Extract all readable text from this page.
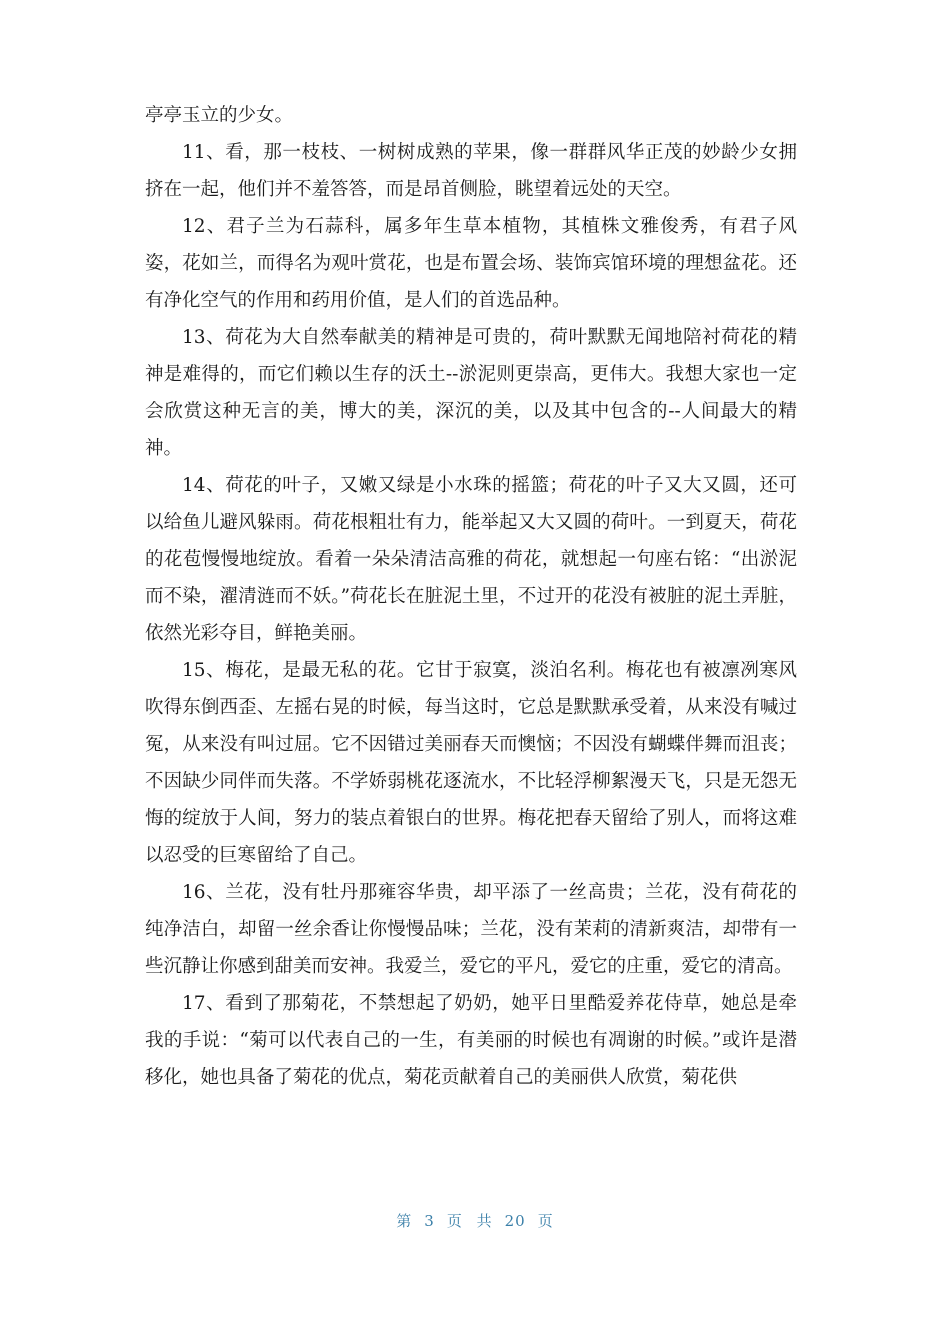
亭亭玉立的少女。

11、看，那一枝枝、一树树成熟的苹果，像一群群风华正茂的妙龄少女拥挤在一起，他们并不羞答答，而是昂首侧脸，眺望着远处的天空。

12、君子兰为石蒜科，属多年生草本植物，其植株文雅俊秀，有君子风姿，花如兰，而得名为观叶赏花，也是布置会场、装饰宾馆环境的理想盆花。还有净化空气的作用和药用价值，是人们的首选品种。

13、荷花为大自然奉献美的精神是可贵的，荷叶默默无闻地陪衬荷花的精神是难得的，而它们赖以生存的沃土--淤泥则更崇高，更伟大。我想大家也一定会欣赏这种无言的美，博大的美，深沉的美，以及其中包含的--人间最大的精神。

14、荷花的叶子，又嫩又绿是小水珠的摇篮；荷花的叶子又大又圆，还可以给鱼儿避风躲雨。荷花根粗壮有力，能举起又大又圆的荷叶。一到夏天，荷花的花苞慢慢地绽放。看着一朵朵清洁高雅的荷花，就想起一句座右铭：“出淤泥而不染，濯清涟而不妖。”荷花长在脏泥土里，不过开的花没有被脏的泥土弄脏，依然光彩夺目，鲜艳美丽。

15、梅花，是最无私的花。它甘于寂寞，淡泊名利。梅花也有被凛冽寒风吹得东倒西歪、左摇右晃的时候，每当这时，它总是默默承受着，从来没有喊过冤，从来没有叫过屈。它不因错过美丽春天而懊恼；不因没有蝴蝶伴舞而沮丧；不因缺少同伴而失落。不学娇弱桃花逐流水，不比轻浮柳絮漫天飞，只是无怨无悔的绽放于人间，努力的装点着银白的世界。梅花把春天留给了别人，而将这难以忍受的巨寒留给了自己。

16、兰花，没有牡丹那雍容华贵，却平添了一丝高贵；兰花，没有荷花的纯净洁白，却留一丝余香让你慢慢品味；兰花，没有茉莉的清新爽洁，却带有一些沉静让你感到甜美而安神。我爱兰，爱它的平凡，爱它的庄重，爱它的清高。

17、看到了那菊花，不禁想起了奶奶，她平日里酷爱养花侍草，她总是牵我的手说：“菊可以代表自己的一生，有美丽的时候也有凋谢的时候。”或许是潜移化，她也具备了菊花的优点，菊花贡献着自己的美丽供人欣赏，菊花供

第 3 页 共 20 页
